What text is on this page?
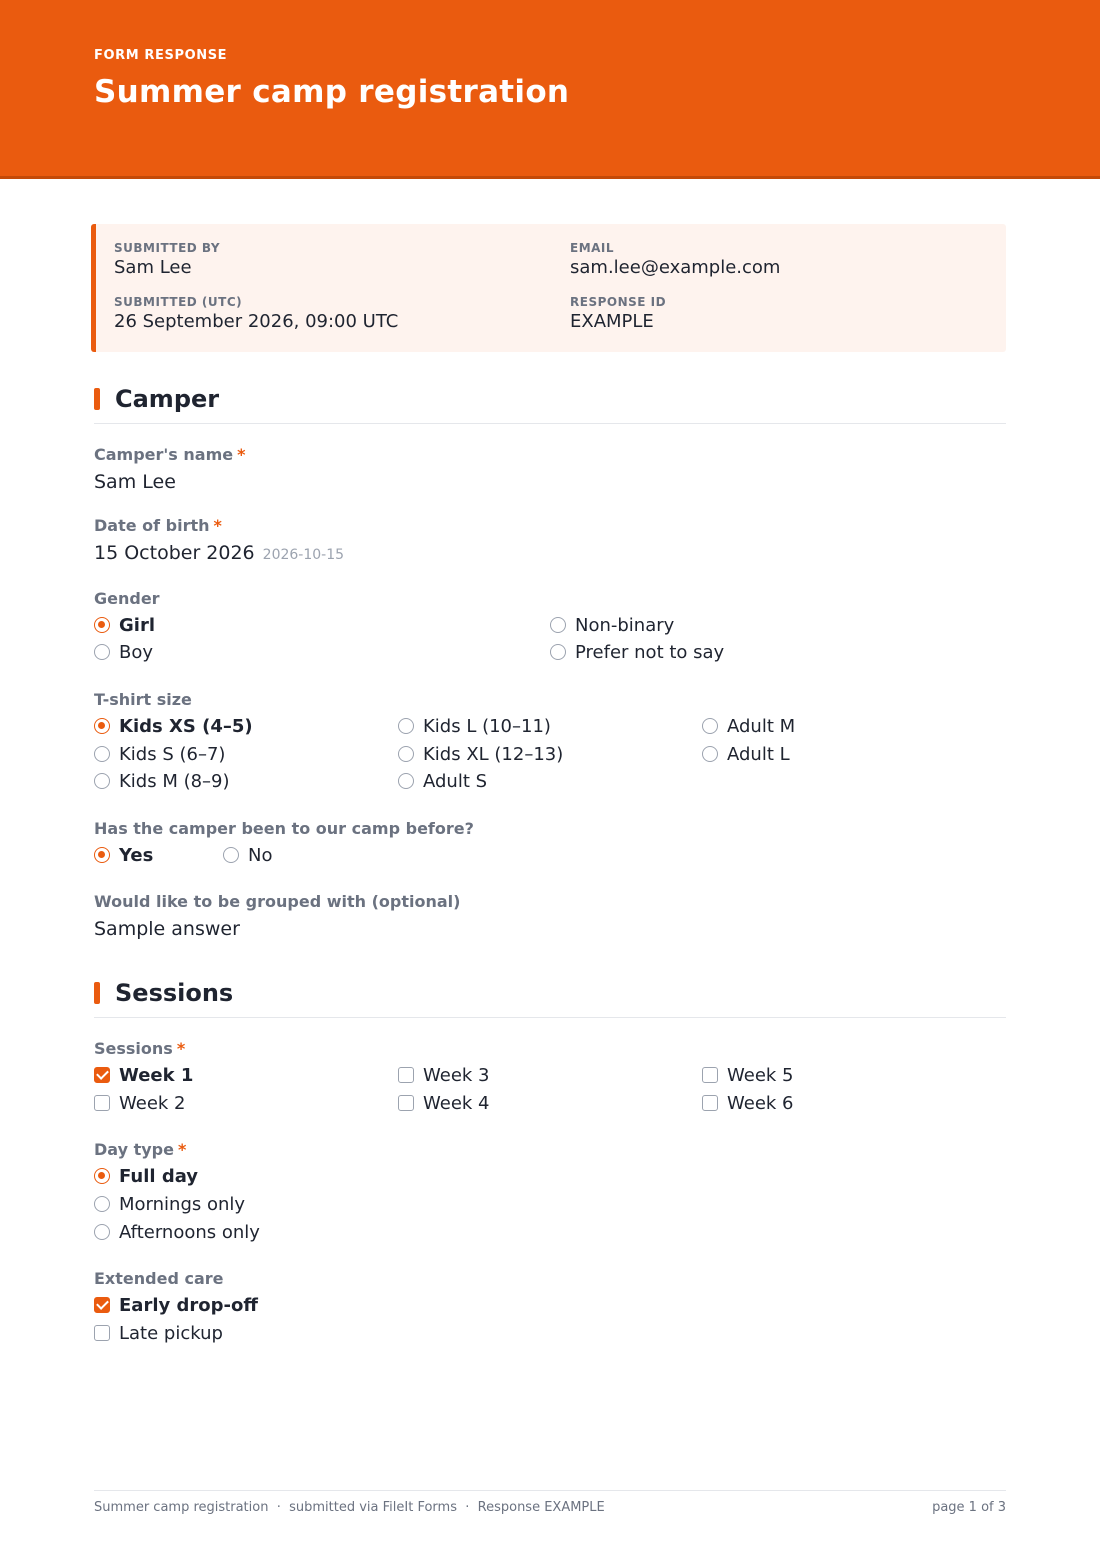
FORM RESPONSE
Summer camp registration
SUBMITTED BY
Sam Lee
EMAIL
sam.lee@example.com
SUBMITTED (UTC)
26 September 2026, 09:00 UTC
RESPONSE ID
EXAMPLE
Camper
Camper's name *
Sam Lee
Date of birth *
15 October 2026 2026-10-15
Gender
Girl
Boy
Non-binary
Prefer not to say
T-shirt size
Kids XS (4–5)
Kids S (6–7)
Kids M (8–9)
Kids L (10–11)
Kids XL (12–13)
Adult S
Adult M
Adult L
Has the camper been to our camp before?
Yes	No
Would like to be grouped with (optional)
Sample answer
Sessions
Sessions *
Week 1
Week 2
Week 3
Week 4
Week 5
Week 6
Day type *
Full day
Mornings only
Afternoons only
Extended care
Early drop-off
Late pickup
Summer camp registration  ·  submitted via FileIt Forms  ·  Response EXAMPLE	page 1 of 3
